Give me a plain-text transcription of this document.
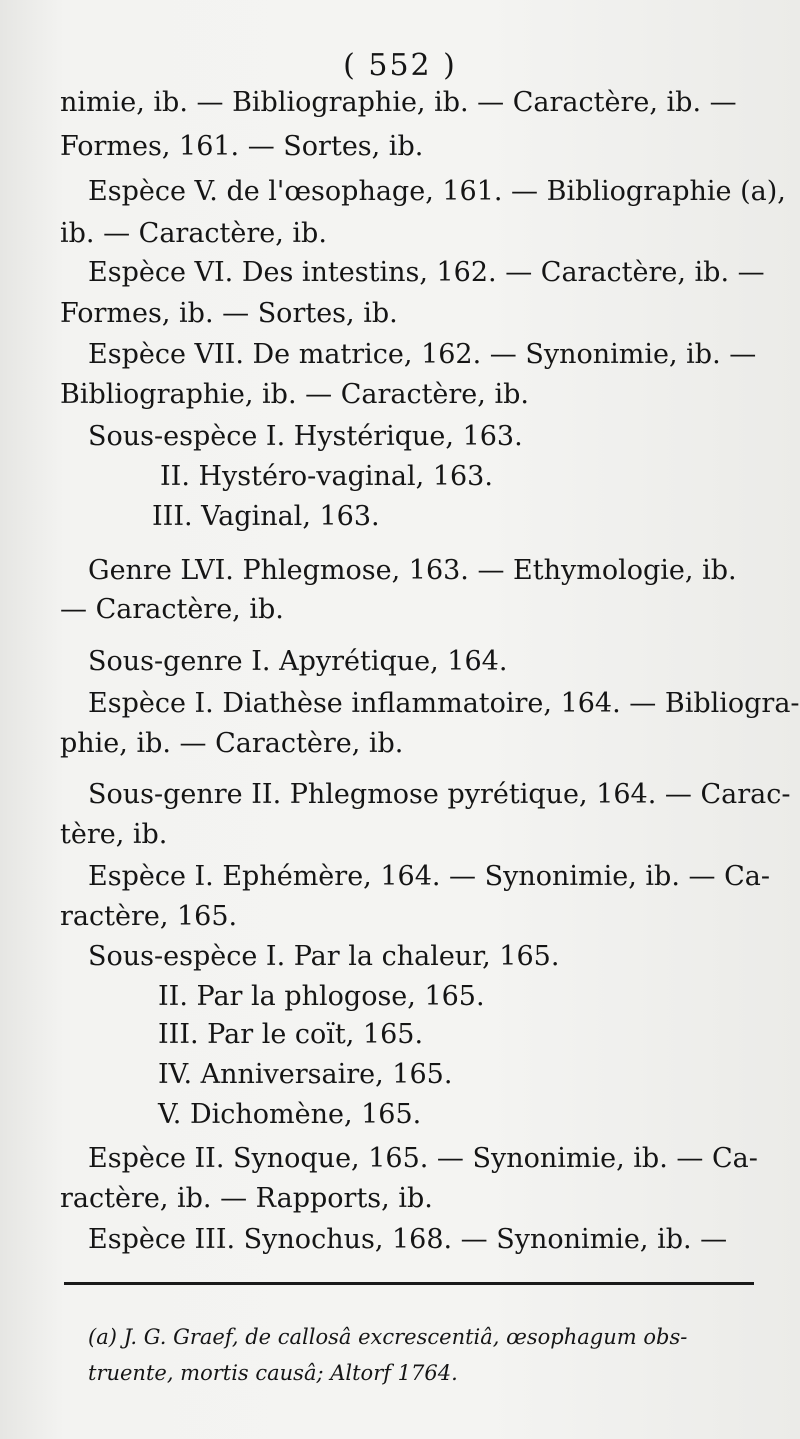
( 552 )
nimie, ib. — Bibliographie, ib. — Caractère, ib. —
Formes, 161. — Sortes, ib.
Espèce V. de l'œsophage, 161. — Bibliographie (a),
ib. — Caractère, ib.
Espèce VI. Des intestins, 162. — Caractère, ib. —
Formes, ib. — Sortes, ib.
Espèce VII. De matrice, 162. — Synonimie, ib. —
Bibliographie, ib. — Caractère, ib.
Sous-espèce I. Hystérique, 163.
II. Hystéro-vaginal, 163.
III. Vaginal, 163.
Genre LVI. Phlegmose, 163. — Ethymologie, ib.
— Caractère, ib.
Sous-genre I. Apyrétique, 164.
Espèce I. Diathèse inflammatoire, 164. — Bibliogra-
phie, ib. — Caractère, ib.
Sous-genre II. Phlegmose pyrétique, 164. — Carac-
tère, ib.
Espèce I. Ephémère, 164. — Synonimie, ib. — Ca-
ractère, 165.
Sous-espèce I. Par la chaleur, 165.
II. Par la phlogose, 165.
III. Par le coït, 165.
IV. Anniversaire, 165.
V. Dichomène, 165.
Espèce II. Synoque, 165. — Synonimie, ib. — Ca-
ractère, ib. — Rapports, ib.
Espèce III. Synochus, 168. — Synonimie, ib. —
(a) J. G. Graef, de callosâ excrescentiâ, œsophagum obs-
truente, mortis causâ; Altorf 1764.
